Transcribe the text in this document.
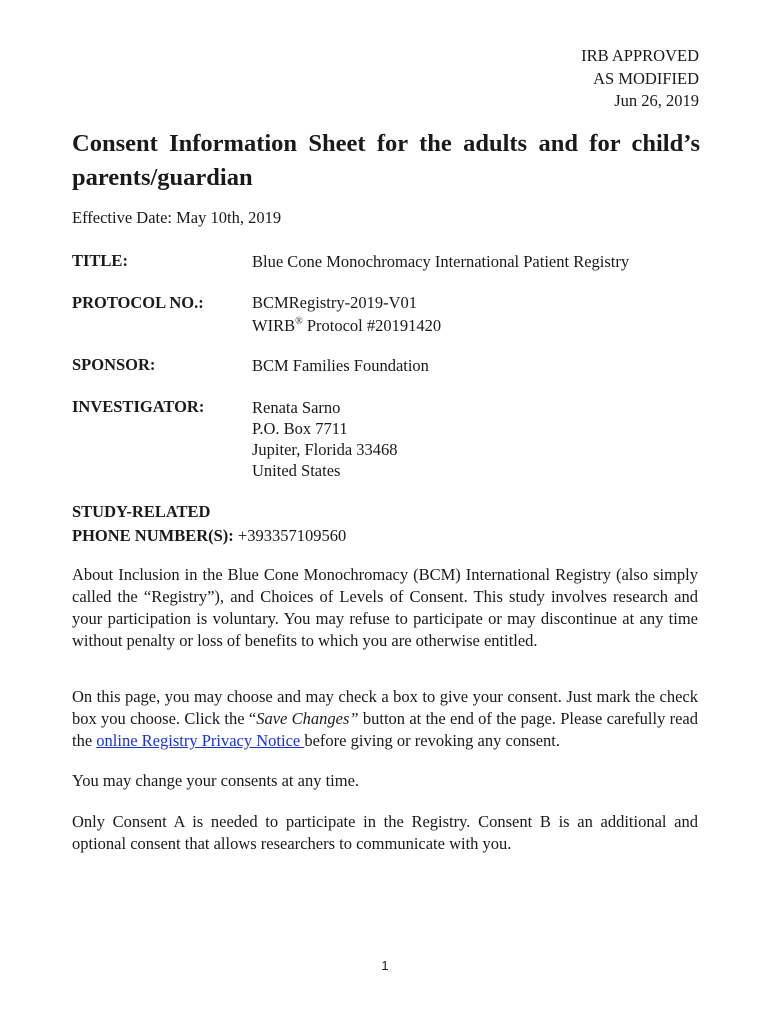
IRB APPROVED
AS MODIFIED
Jun 26, 2019
Consent Information Sheet for the adults and for child’s parents/guardian
Effective Date: May 10th, 2019
TITLE:	Blue Cone Monochromacy International Patient Registry
PROTOCOL NO.:	BCMRegistry-2019-V01
WIRB® Protocol #20191420
SPONSOR:	BCM Families Foundation
INVESTIGATOR:	Renata Sarno
P.O. Box 7711
Jupiter, Florida 33468
United States
STUDY-RELATED
PHONE NUMBER(S): +393357109560

About Inclusion in the Blue Cone Monochromacy (BCM) International Registry (also simply called the “Registry”), and Choices of Levels of Consent. This study involves research and your participation is voluntary. You may refuse to participate or may discontinue at any time without penalty or loss of benefits to which you are otherwise entitled.

On this page, you may choose and may check a box to give your consent. Just mark the check box you choose. Click the “Save Changes” button at the end of the page. Please carefully read the online Registry Privacy Notice before giving or revoking any consent.

You may change your consents at any time.

Only Consent A is needed to participate in the Registry. Consent B is an additional and optional consent that allows researchers to communicate with you.

1
